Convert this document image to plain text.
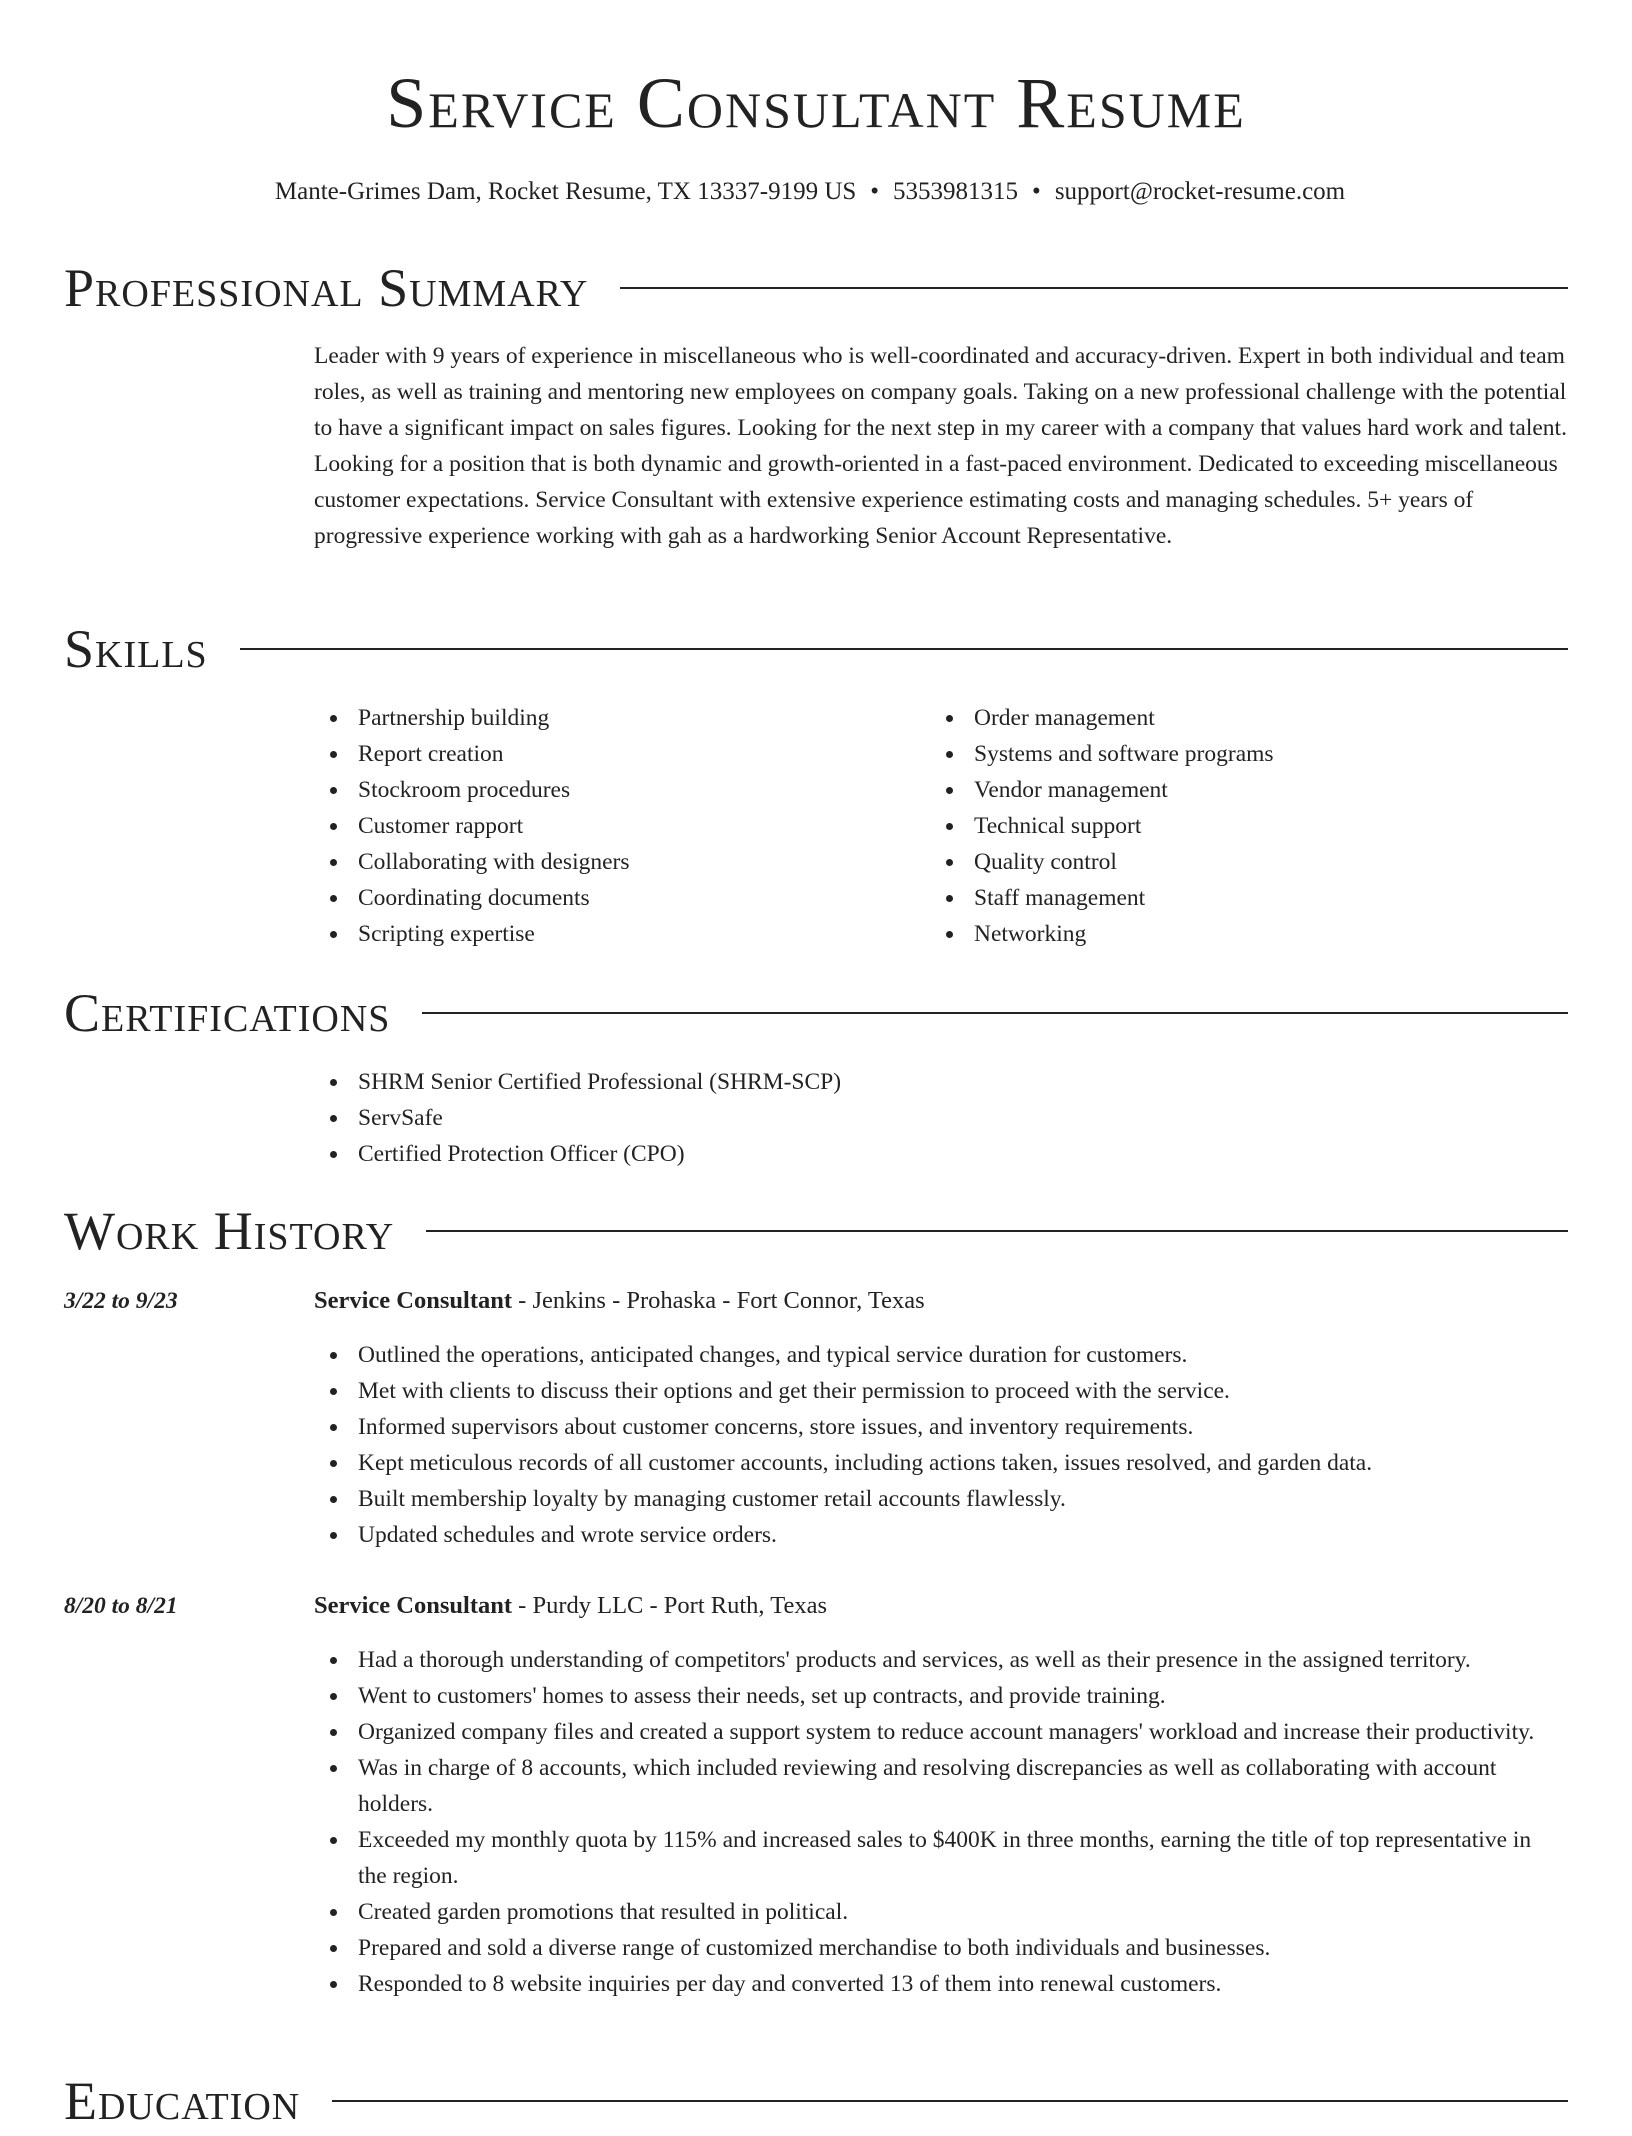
Service Consultant Resume
Mante-Grimes Dam, Rocket Resume, TX 13337-9199 US • 5353981315 • support@rocket-resume.com
Professional Summary
Leader with 9 years of experience in miscellaneous who is well-coordinated and accuracy-driven. Expert in both individual and team roles, as well as training and mentoring new employees on company goals. Taking on a new professional challenge with the potential to have a significant impact on sales figures. Looking for the next step in my career with a company that values hard work and talent. Looking for a position that is both dynamic and growth-oriented in a fast-paced environment. Dedicated to exceeding miscellaneous customer expectations. Service Consultant with extensive experience estimating costs and managing schedules. 5+ years of progressive experience working with gah as a hardworking Senior Account Representative.
Skills
Partnership building
Report creation
Stockroom procedures
Customer rapport
Collaborating with designers
Coordinating documents
Scripting expertise
Order management
Systems and software programs
Vendor management
Technical support
Quality control
Staff management
Networking
Certifications
SHRM Senior Certified Professional (SHRM-SCP)
ServSafe
Certified Protection Officer (CPO)
Work History
3/22 to 9/23	Service Consultant - Jenkins - Prohaska - Fort Connor, Texas
Outlined the operations, anticipated changes, and typical service duration for customers.
Met with clients to discuss their options and get their permission to proceed with the service.
Informed supervisors about customer concerns, store issues, and inventory requirements.
Kept meticulous records of all customer accounts, including actions taken, issues resolved, and garden data.
Built membership loyalty by managing customer retail accounts flawlessly.
Updated schedules and wrote service orders.
8/20 to 8/21	Service Consultant - Purdy LLC - Port Ruth, Texas
Had a thorough understanding of competitors' products and services, as well as their presence in the assigned territory.
Went to customers' homes to assess their needs, set up contracts, and provide training.
Organized company files and created a support system to reduce account managers' workload and increase their productivity.
Was in charge of 8 accounts, which included reviewing and resolving discrepancies as well as collaborating with account holders.
Exceeded my monthly quota by 115% and increased sales to $400K in three months, earning the title of top representative in the region.
Created garden promotions that resulted in political.
Prepared and sold a diverse range of customized merchandise to both individuals and businesses.
Responded to 8 website inquiries per day and converted 13 of them into renewal customers.
Education
